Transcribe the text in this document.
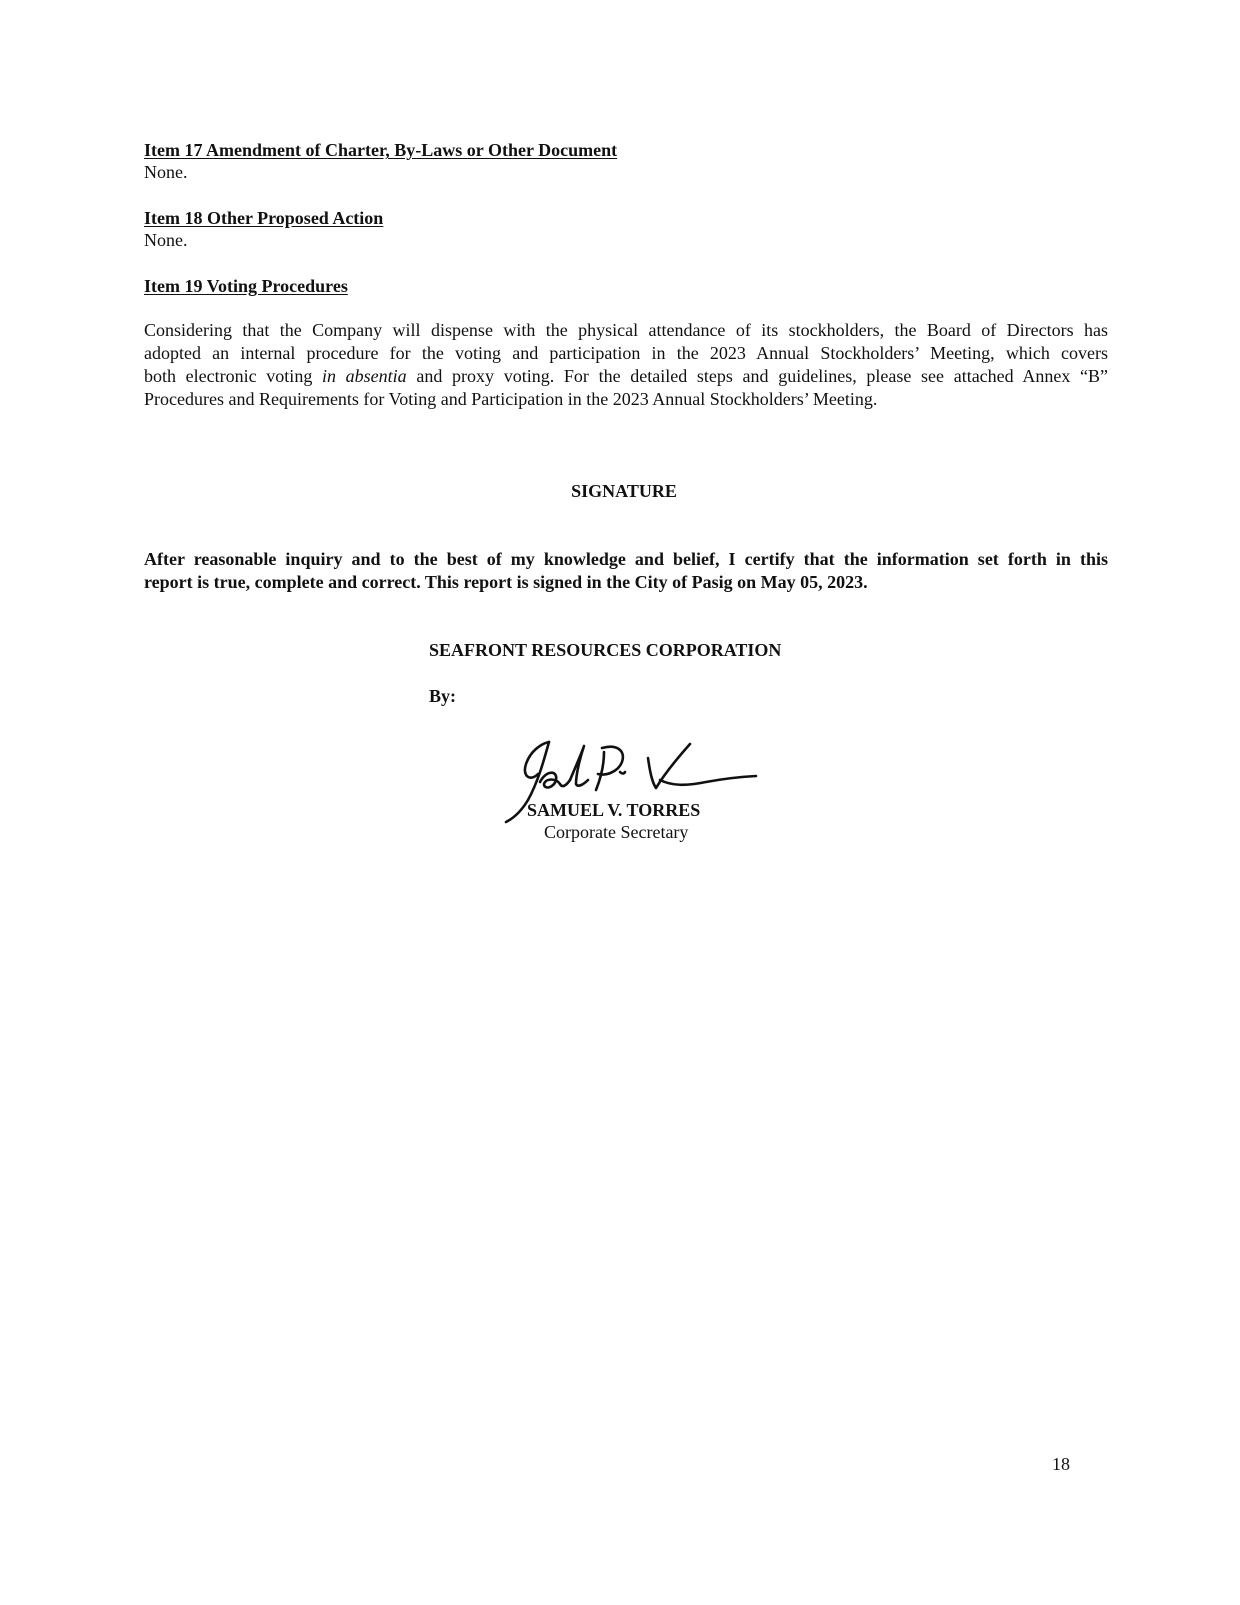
Item 17 Amendment of Charter, By-Laws or Other Document
None.
Item 18 Other Proposed Action
None.
Item 19 Voting Procedures
Considering that the Company will dispense with the physical attendance of its stockholders, the Board of Directors has
adopted an internal procedure for the voting and participation in the 2023 Annual Stockholders’ Meeting, which covers
both electronic voting in absentia and proxy voting. For the detailed steps and guidelines, please see attached Annex “B”
Procedures and Requirements for Voting and Participation in the 2023 Annual Stockholders’ Meeting.
SIGNATURE
After reasonable inquiry and to the best of my knowledge and belief, I certify that the information set forth in this
report is true, complete and correct. This report is signed in the City of Pasig on May 05, 2023.
SEAFRONT RESOURCES CORPORATION
By:
SAMUEL V. TORRES
Corporate Secretary
18
